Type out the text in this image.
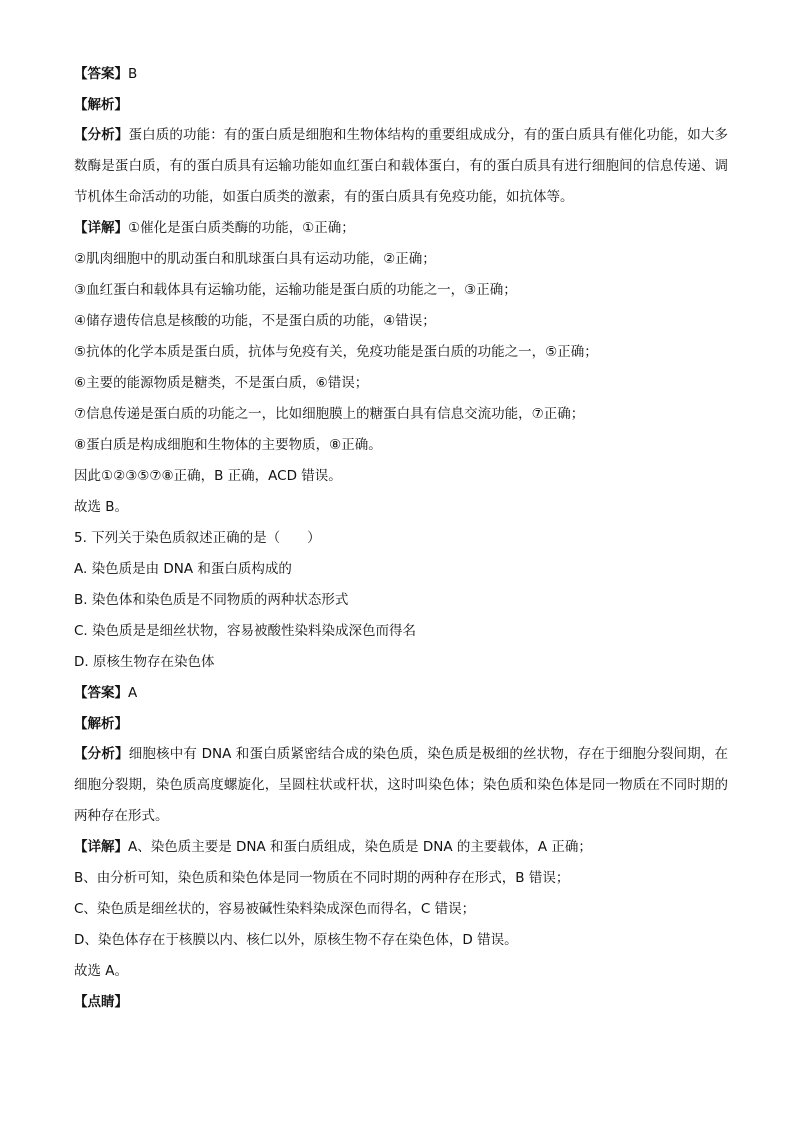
【答案】B
【解析】
【分析】蛋白质的功能：有的蛋白质是细胞和生物体结构的重要组成成分，有的蛋白质具有催化功能，如大多数酶是蛋白质，有的蛋白质具有运输功能如血红蛋白和载体蛋白，有的蛋白质具有进行细胞间的信息传递、调节机体生命活动的功能，如蛋白质类的激素，有的蛋白质具有免疫功能，如抗体等。
【详解】①催化是蛋白质类酶的功能，①正确；
②肌肉细胞中的肌动蛋白和肌球蛋白具有运动功能，②正确；
③血红蛋白和载体具有运输功能，运输功能是蛋白质的功能之一，③正确；
④储存遗传信息是核酸的功能，不是蛋白质的功能，④错误；
⑤抗体的化学本质是蛋白质，抗体与免疫有关，免疫功能是蛋白质的功能之一，⑤正确；
⑥主要的能源物质是糖类，不是蛋白质，⑥错误；
⑦信息传递是蛋白质的功能之一，比如细胞膜上的糖蛋白具有信息交流功能，⑦正确；
⑧蛋白质是构成细胞和生物体的主要物质，⑧正确。
因此①②③⑤⑦⑧正确，B 正确，ACD 错误。
故选 B。
5. 下列关于染色质叙述正确的是（　　）
A. 染色质是由 DNA 和蛋白质构成的
B. 染色体和染色质是不同物质的两种状态形式
C. 染色质是是细丝状物，容易被酸性染料染成深色而得名
D. 原核生物存在染色体
【答案】A
【解析】
【分析】细胞核中有 DNA 和蛋白质紧密结合成的染色质，染色质是极细的丝状物，存在于细胞分裂间期，在细胞分裂期，染色质高度螺旋化，呈圆柱状或杆状，这时叫染色体；染色质和染色体是同一物质在不同时期的两种存在形式。
【详解】A、染色质主要是 DNA 和蛋白质组成，染色质是 DNA 的主要载体，A 正确；
B、由分析可知，染色质和染色体是同一物质在不同时期的两种存在形式，B 错误；
C、染色质是细丝状的，容易被碱性染料染成深色而得名，C 错误；
D、染色体存在于核膜以内、核仁以外，原核生物不存在染色体，D 错误。
故选 A。
【点睛】
